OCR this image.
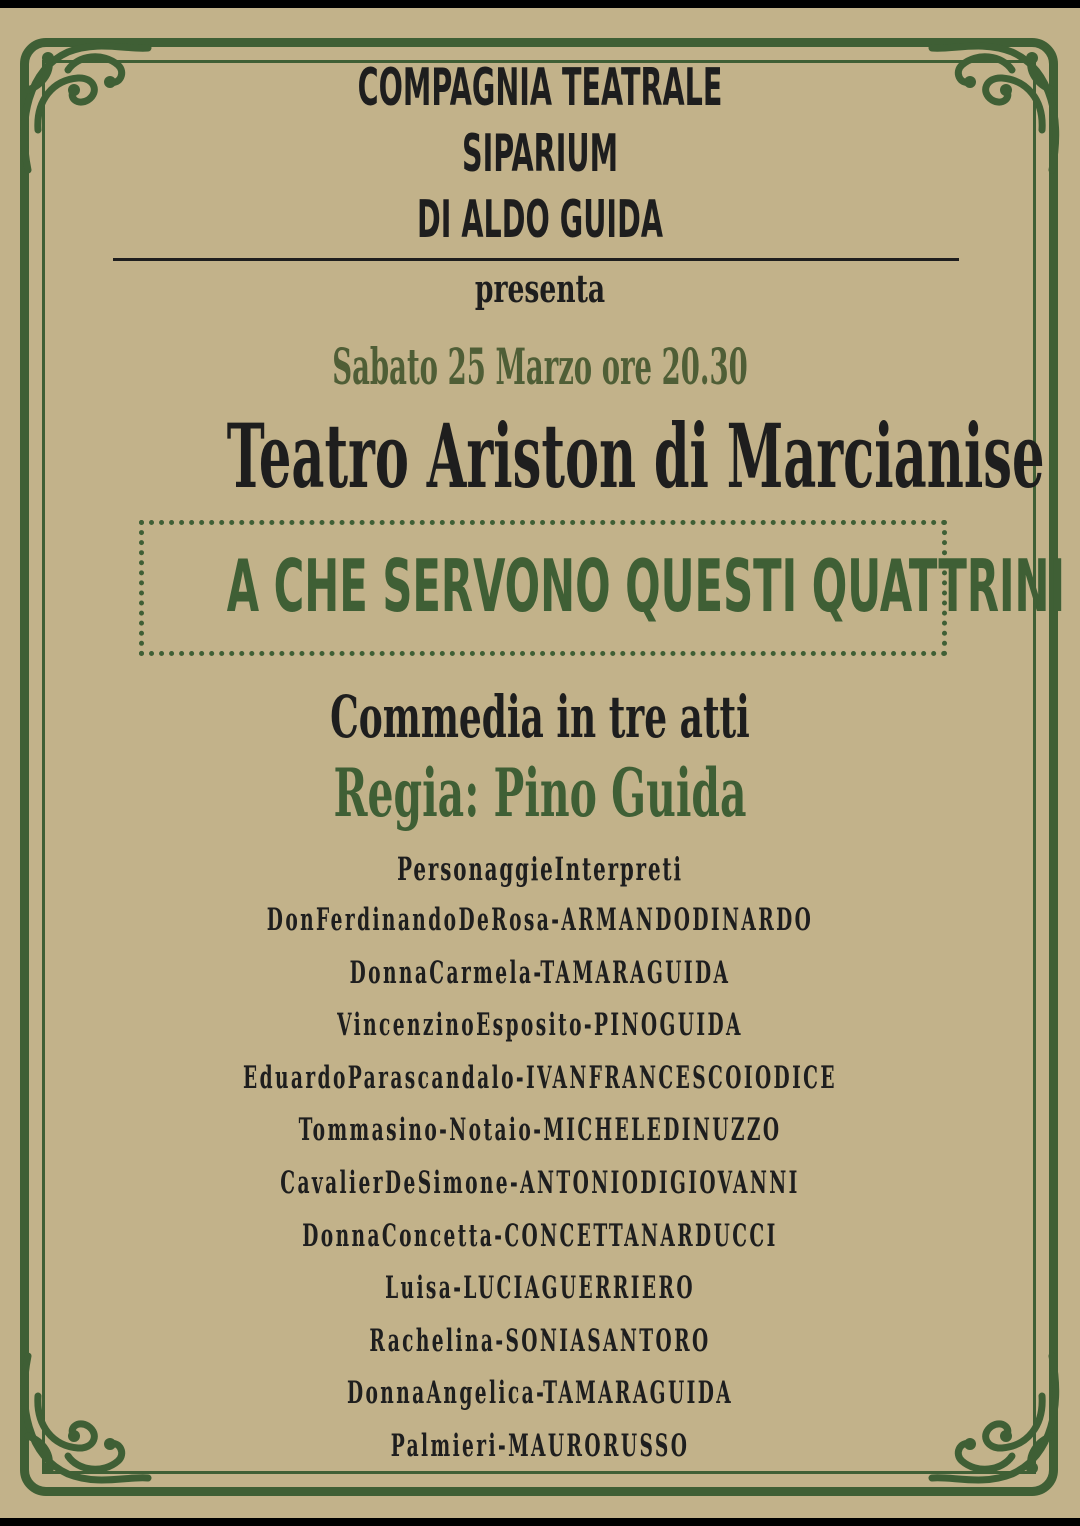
COMPAGNIA TEATRALE
SIPARIUM
DI ALDO GUIDA
presenta
Sabato 25 Marzo ore 20.30
Teatro Ariston di Marcianise
A CHE SERVONO QUESTI QUATTRINI
Commedia in tre atti
Regia: Pino Guida
PersonaggieInterpreti
DonFerdinandoDeRosa-ARMANDODINARDO
DonnaCarmela-TAMARAGUIDA
VincenzinoEsposito-PINOGUIDA
EduardoParascandalo-IVANFRANCESCOIODICE
Tommasino-Notaio-MICHELEDINUZZO
CavalierDeSimone-ANTONIODIGIOVANNI
DonnaConcetta-CONCETTANARDUCCI
Luisa-LUCIAGUERRIERO
Rachelina-SONIASANTORO
DonnaAngelica-TAMARAGUIDA
Palmieri-MAURORUSSO
